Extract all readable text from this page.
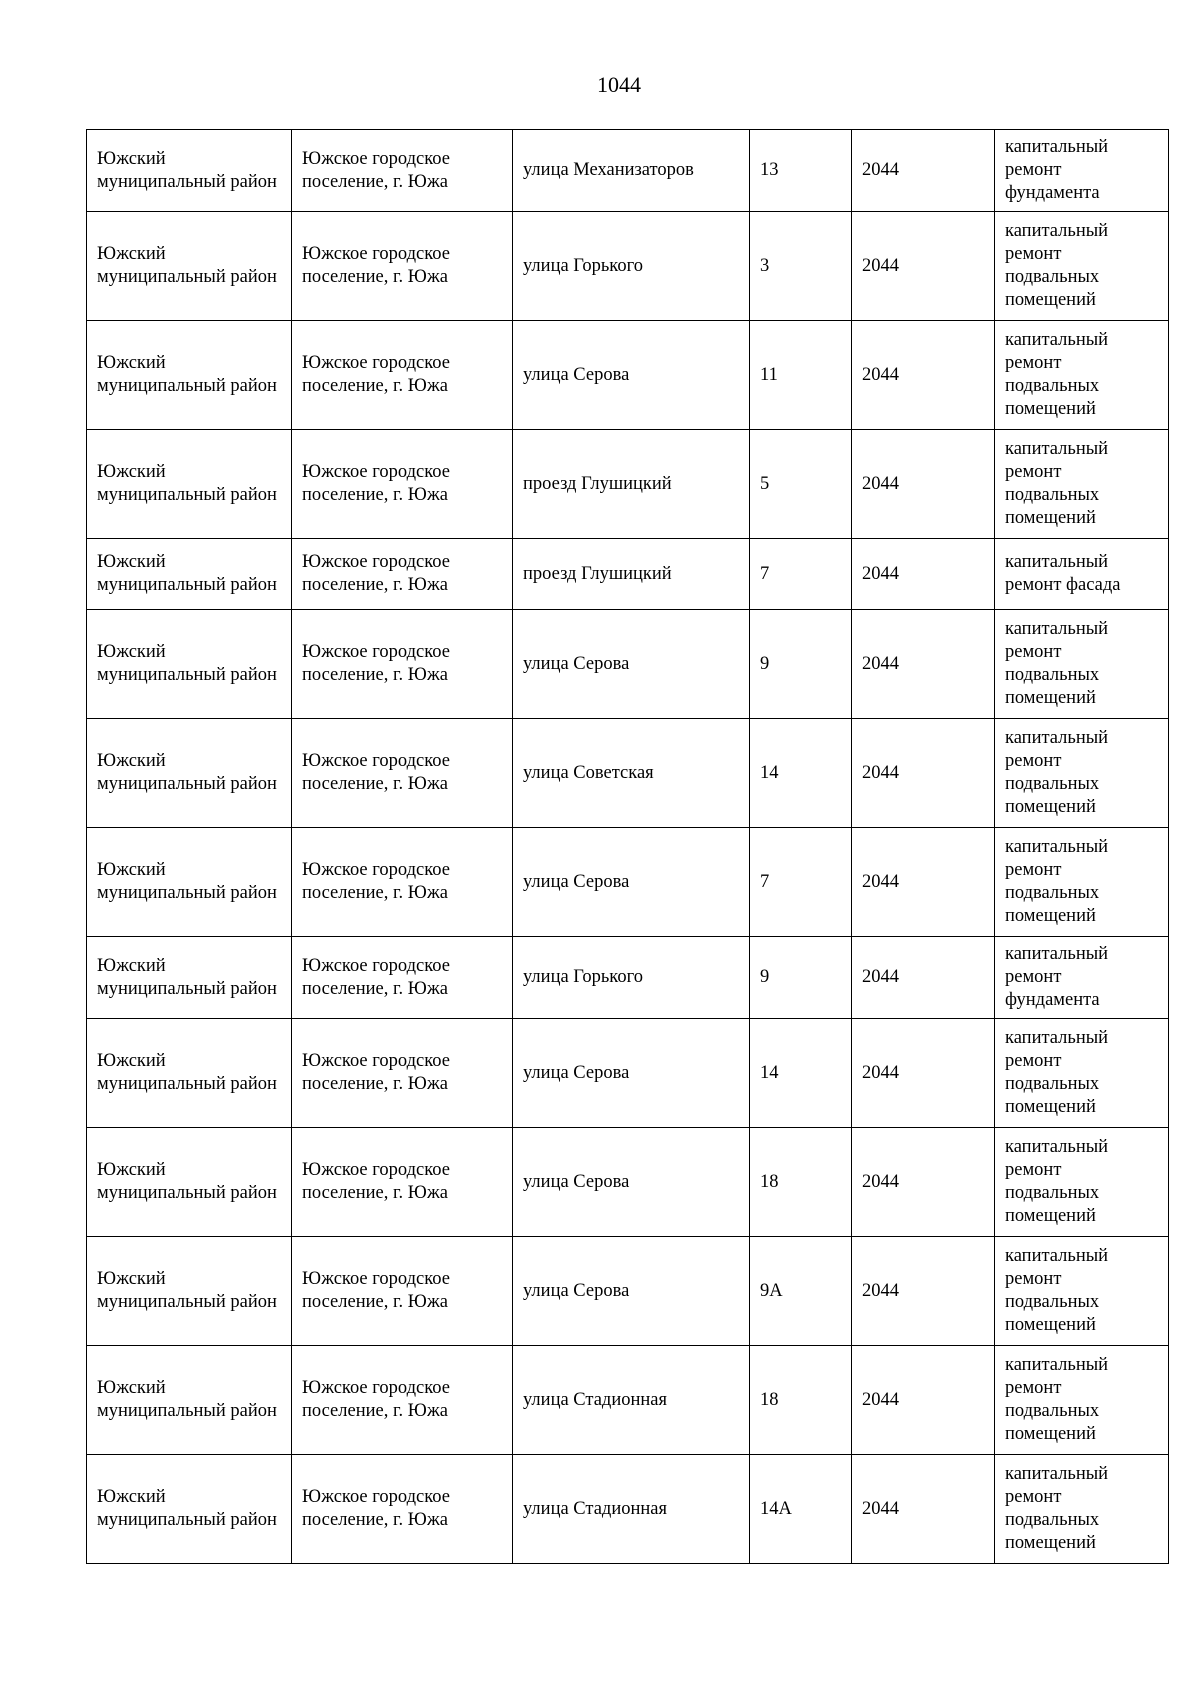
1044
Южский муниципальный район	Южское городское поселение, г. Южа	улица Механизаторов	13	2044	капитальный ремонт фундамента
Южский муниципальный район	Южское городское поселение, г. Южа	улица Горького	3	2044	капитальный ремонт подвальных помещений
Южский муниципальный район	Южское городское поселение, г. Южа	улица Серова	11	2044	капитальный ремонт подвальных помещений
Южский муниципальный район	Южское городское поселение, г. Южа	проезд Глушицкий	5	2044	капитальный ремонт подвальных помещений
Южский муниципальный район	Южское городское поселение, г. Южа	проезд Глушицкий	7	2044	капитальный ремонт фасада
Южский муниципальный район	Южское городское поселение, г. Южа	улица Серова	9	2044	капитальный ремонт подвальных помещений
Южский муниципальный район	Южское городское поселение, г. Южа	улица Советская	14	2044	капитальный ремонт подвальных помещений
Южский муниципальный район	Южское городское поселение, г. Южа	улица Серова	7	2044	капитальный ремонт подвальных помещений
Южский муниципальный район	Южское городское поселение, г. Южа	улица Горького	9	2044	капитальный ремонт фундамента
Южский муниципальный район	Южское городское поселение, г. Южа	улица Серова	14	2044	капитальный ремонт подвальных помещений
Южский муниципальный район	Южское городское поселение, г. Южа	улица Серова	18	2044	капитальный ремонт подвальных помещений
Южский муниципальный район	Южское городское поселение, г. Южа	улица Серова	9А	2044	капитальный ремонт подвальных помещений
Южский муниципальный район	Южское городское поселение, г. Южа	улица Стадионная	18	2044	капитальный ремонт подвальных помещений
Южский муниципальный район	Южское городское поселение, г. Южа	улица Стадионная	14А	2044	капитальный ремонт подвальных помещений
